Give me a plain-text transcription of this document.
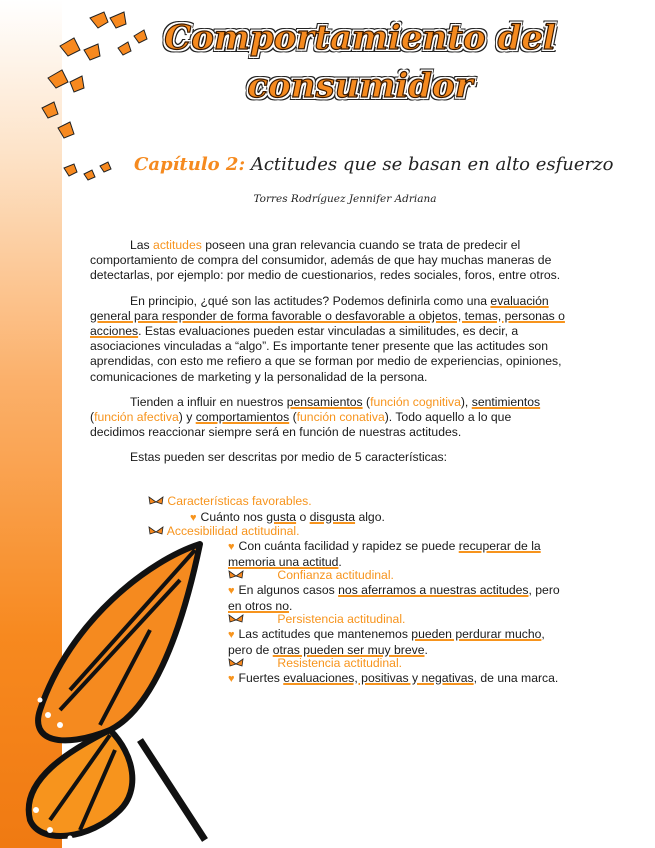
Comportamiento del
consumidor
Capítulo 2: Actitudes que se basan en alto esfuerzo
Torres Rodríguez Jennifer Adriana

Las actitudes poseen una gran relevancia cuando se trata de predecir el comportamiento de compra del consumidor, además de que hay muchas maneras de detectarlas, por ejemplo: por medio de cuestionarios, redes sociales, foros, entre otros.

En principio, ¿qué son las actitudes? Podemos definirla como una evaluación general para responder de forma favorable o desfavorable a objetos, temas, personas o acciones. Estas evaluaciones pueden estar vinculadas a similitudes, es decir, a asociaciones vinculadas a “algo”. Es importante tener presente que las actitudes son aprendidas, con esto me refiero a que se forman por medio de experiencias, opiniones, comunicaciones de marketing y la personalidad de la persona.

Tienden a influir en nuestros pensamientos (función cognitiva), sentimientos (función afectiva) y comportamientos (función conativa). Todo aquello a lo que decidimos reaccionar siempre será en función de nuestras actitudes.

Estas pueden ser descritas por medio de 5 características:

Características favorables.
♥ Cuánto nos gusta o disgusta algo.
Accesibilidad actitudinal.
♥ Con cuánta facilidad y rapidez se puede recuperar de la memoria una actitud.
Confianza actitudinal.
♥ En algunos casos nos aferramos a nuestras actitudes, pero en otros no.
Persistencia actitudinal.
♥ Las actitudes que mantenemos pueden perdurar mucho, pero de otras pueden ser muy breve.
Resistencia actitudinal.
♥ Fuertes evaluaciones, positivas y negativas, de una marca.
